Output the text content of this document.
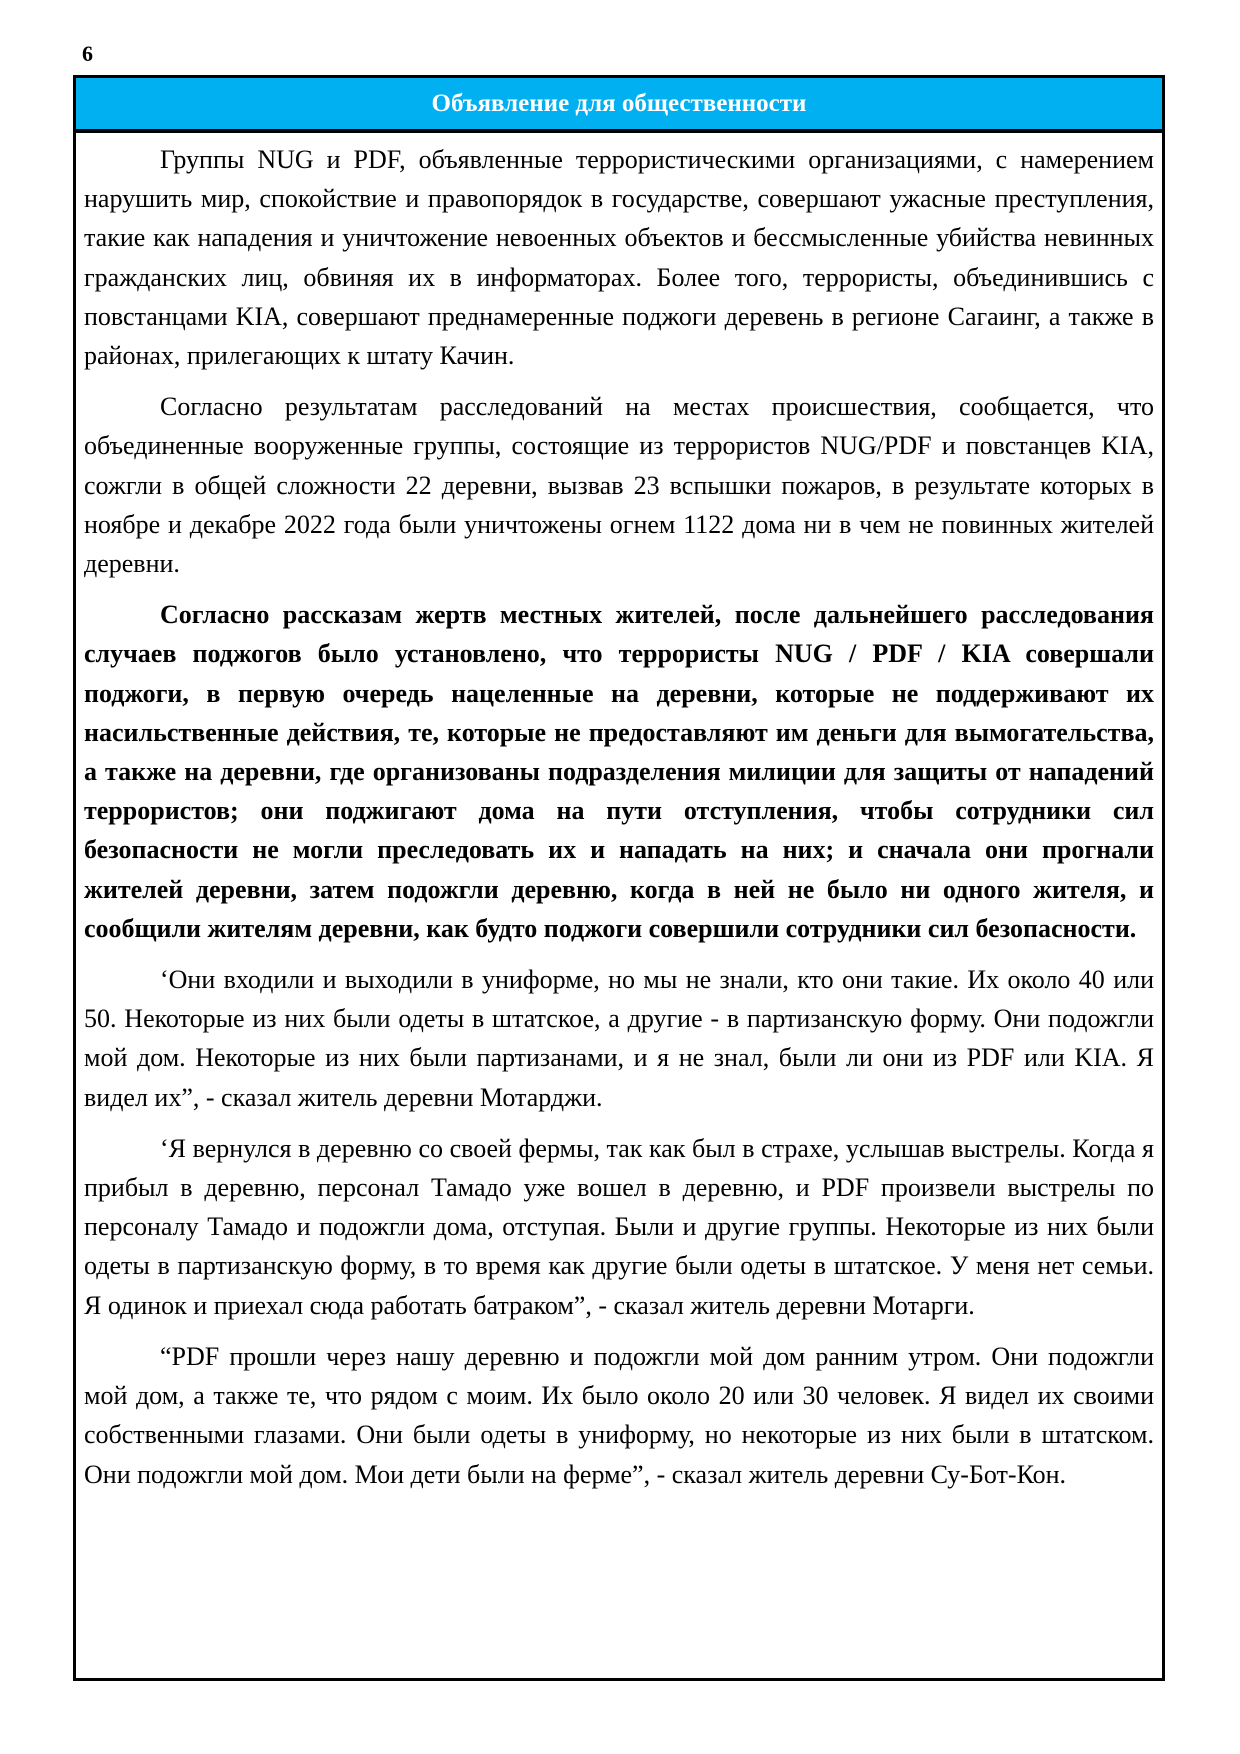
6
Объявление для общественности

Группы NUG и PDF, объявленные террористическими организациями, с намерением нарушить мир, спокойствие и правопорядок в государстве, совершают ужасные преступления, такие как нападения и уничтожение невоенных объектов и бессмысленные убийства невинных гражданских лиц, обвиняя их в информаторах. Более того, террористы, объединившись с повстанцами KIA, совершают преднамеренные поджоги деревень в регионе Сагаинг, а также в районах, прилегающих к штату Качин.

Согласно результатам расследований на местах происшествия, сообщается, что объединенные вооруженные группы, состоящие из террористов NUG/PDF и повстанцев KIA, сожгли в общей сложности 22 деревни, вызвав 23 вспышки пожаров, в результате которых в ноябре и декабре 2022 года были уничтожены огнем 1122 дома ни в чем не повинных жителей деревни.

Согласно рассказам жертв местных жителей, после дальнейшего расследования случаев поджогов было установлено, что террористы NUG / PDF / KIA совершали поджоги, в первую очередь нацеленные на деревни, которые не поддерживают их насильственные действия, те, которые не предоставляют им деньги для вымогательства, а также на деревни, где организованы подразделения милиции для защиты от нападений террористов; они поджигают дома на пути отступления, чтобы сотрудники сил безопасности не могли преследовать их и нападать на них; и сначала они прогнали жителей деревни, затем подожгли деревню, когда в ней не было ни одного жителя, и сообщили жителям деревни, как будто поджоги совершили сотрудники сил безопасности.

‘Они входили и выходили в униформе, но мы не знали, кто они такие. Их около 40 или 50. Некоторые из них были одеты в штатское, а другие - в партизанскую форму. Они подожгли мой дом. Некоторые из них были партизанами, и я не знал, были ли они из PDF или KIA. Я видел их”, - сказал житель деревни Мотарджи.

‘Я вернулся в деревню со своей фермы, так как был в страхе, услышав выстрелы. Когда я прибыл в деревню, персонал Тамадо уже вошел в деревню, и PDF произвели выстрелы по персоналу Тамадо и подожгли дома, отступая. Были и другие группы. Некоторые из них были одеты в партизанскую форму, в то время как другие были одеты в штатское. У меня нет семьи. Я одинок и приехал сюда работать батраком”, - сказал житель деревни Мотарги.

“PDF прошли через нашу деревню и подожгли мой дом ранним утром. Они подожгли мой дом, а также те, что рядом с моим. Их было около 20 или 30 человек. Я видел их своими собственными глазами. Они были одеты в униформу, но некоторые из них были в штатском. Они подожгли мой дом. Мои дети были на ферме”, - сказал житель деревни Су-Бот-Кон.
